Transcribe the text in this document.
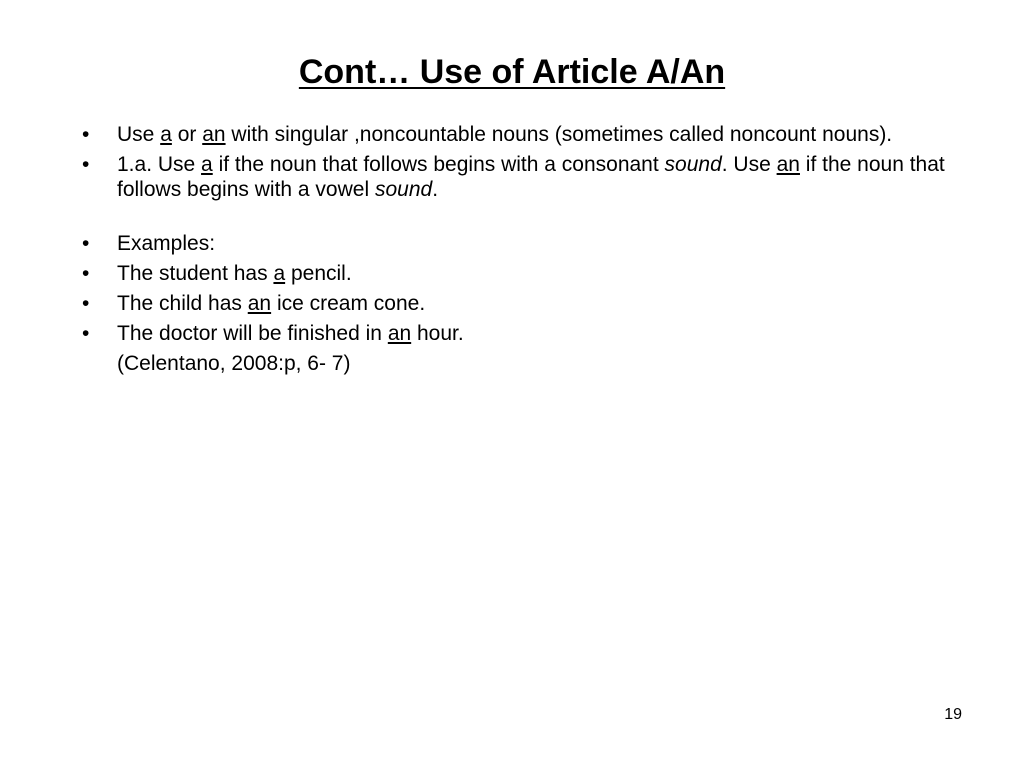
Cont… Use of Article A/An
• Use a or an with singular ,noncountable nouns (sometimes called noncount nouns).
• 1.a. Use a if the noun that follows begins with a consonant sound. Use an if the noun that follows begins with a vowel sound.
• Examples:
• The student has a pencil.
• The child has an ice cream cone.
• The doctor will be finished in an hour.
(Celentano, 2008:p, 6- 7)
19
